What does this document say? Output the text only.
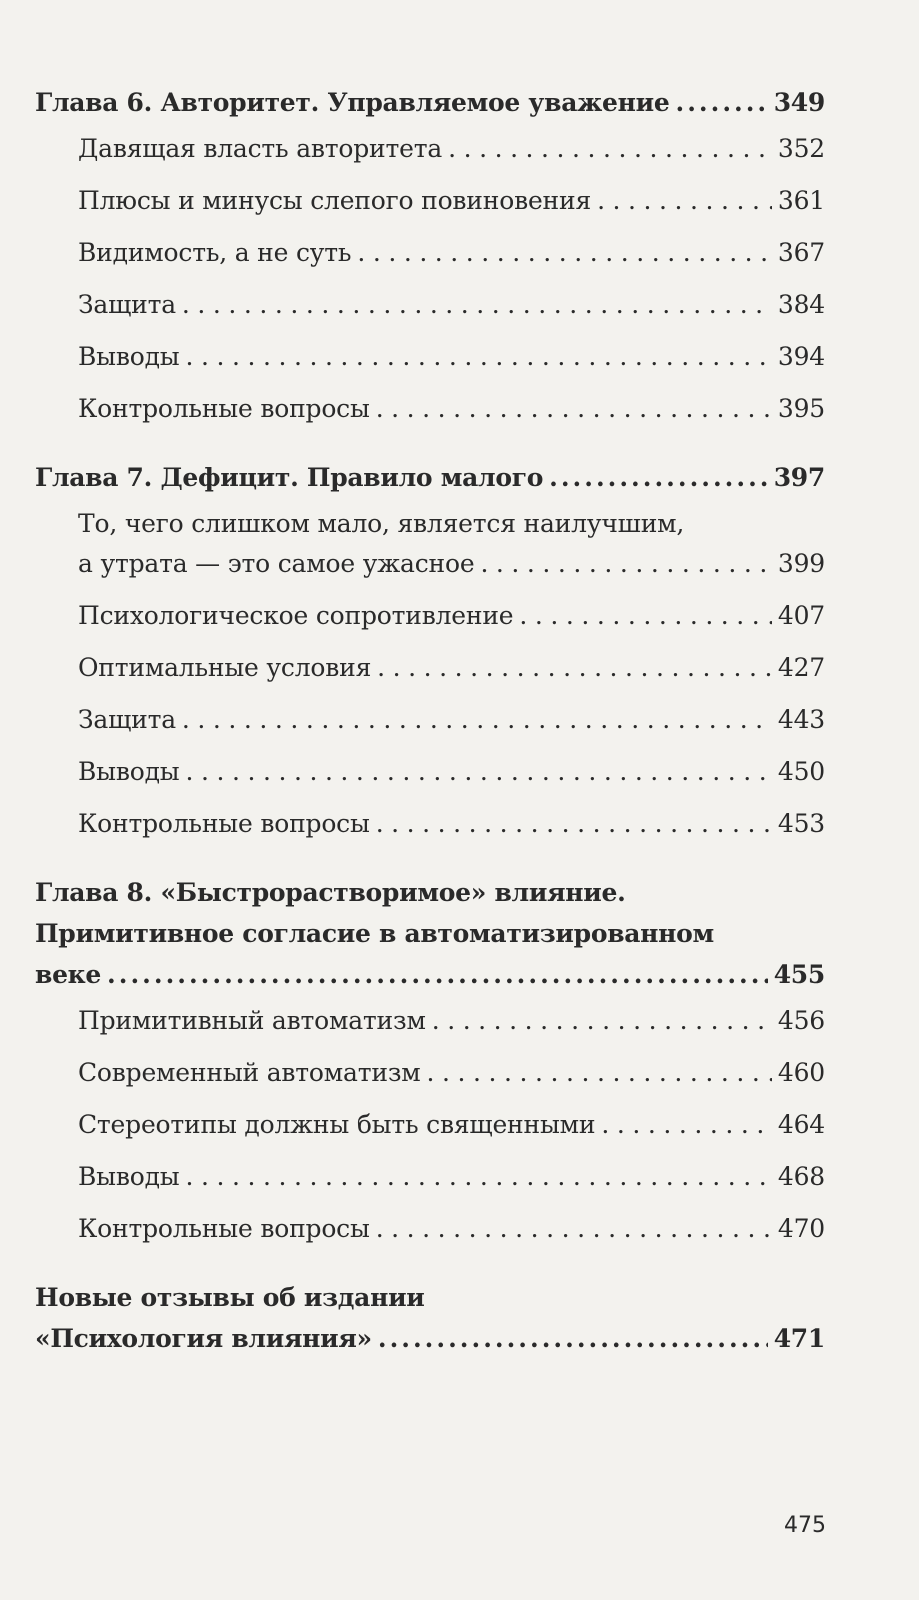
Глава 6. Авторитет. Управляемое уважение .....	349
Давящая власть авторитета . . .	352
Плюсы и минусы слепого повиновения . . .	361
Видимость, а не суть . . .	367
Защита . . .	384
Выводы . . .	394
Контрольные вопросы . . .	395
Глава 7. Дефицит. Правило малого .....	397
То, чего слишком мало, является наилучшим,
а утрата — это самое ужасное . . .	399
Психологическое сопротивление . . .	407
Оптимальные условия . . .	427
Защита . . .	443
Выводы . . .	450
Контрольные вопросы . . .	453
Глава 8. «Быстрорастворимое» влияние.
Примитивное согласие в автоматизированном
веке .....	455
Примитивный автоматизм . . .	456
Современный автоматизм . . .	460
Стереотипы должны быть священными . . .	464
Выводы . . .	468
Контрольные вопросы . . .	470
Новые отзывы об издании
«Психология влияния» .....	471
475
